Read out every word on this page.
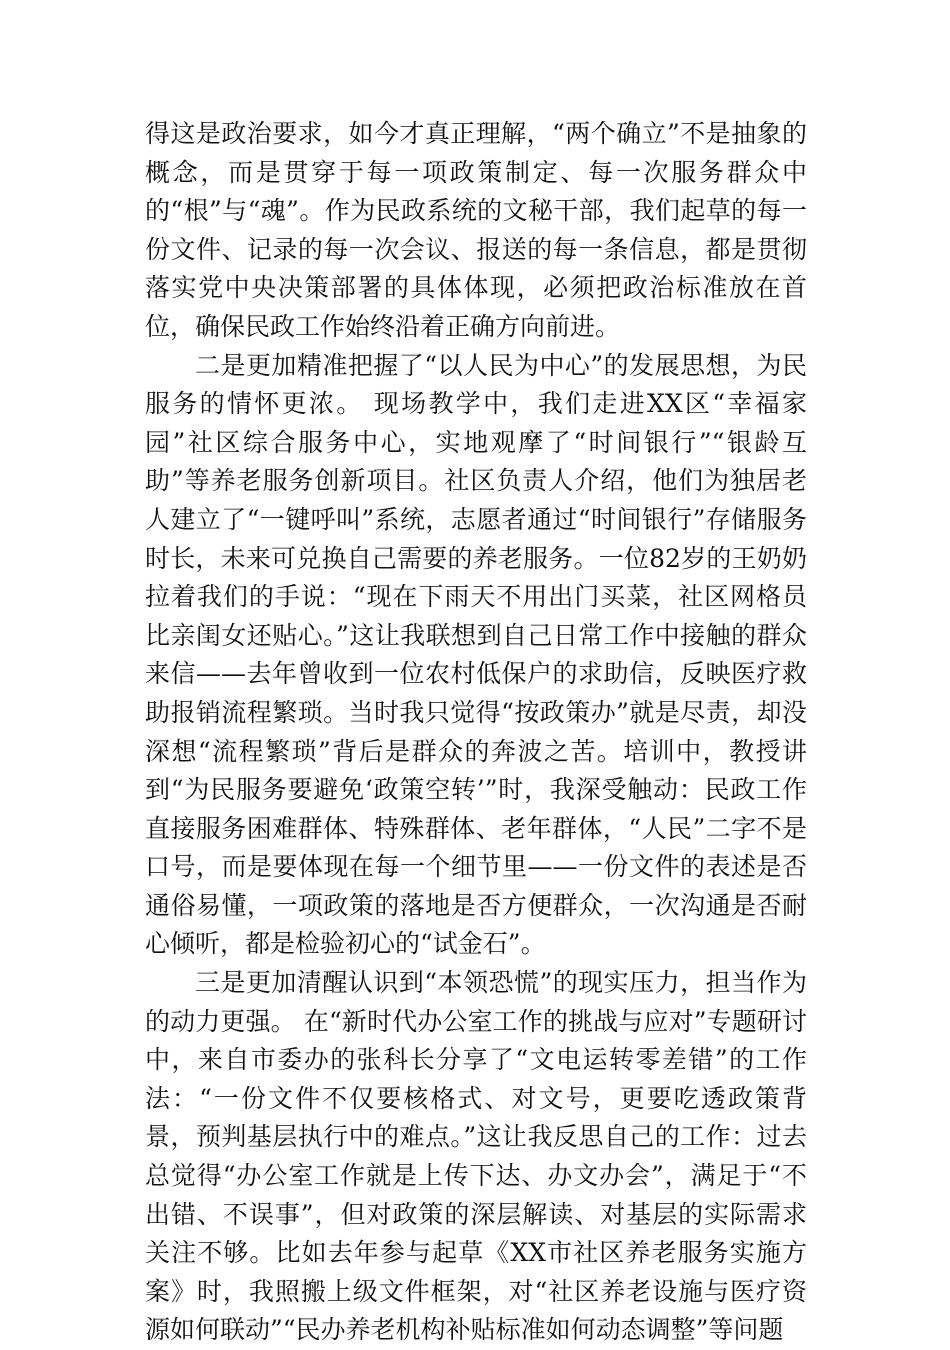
得这是政治要求，如今才真正理解，“两个确立”不是抽象的概念，而是贯穿于每一项政策制定、每一次服务群众中的“根”与“魂”。作为民政系统的文秘干部，我们起草的每一份文件、记录的每一次会议、报送的每一条信息，都是贯彻落实党中央决策部署的具体体现，必须把政治标准放在首位，确保民政工作始终沿着正确方向前进。

二是更加精准把握了“以人民为中心”的发展思想，为民服务的情怀更浓。 现场教学中，我们走进XX区“幸福家园”社区综合服务中心，实地观摩了“时间银行”“银龄互助”等养老服务创新项目。社区负责人介绍，他们为独居老人建立了“一键呼叫”系统，志愿者通过“时间银行”存储服务时长，未来可兑换自己需要的养老服务。一位82岁的王奶奶拉着我们的手说：“现在下雨天不用出门买菜，社区网格员比亲闺女还贴心。”这让我联想到自己日常工作中接触的群众来信——去年曾收到一位农村低保户的求助信，反映医疗救助报销流程繁琐。当时我只觉得“按政策办”就是尽责，却没深想“流程繁琐”背后是群众的奔波之苦。培训中，教授讲到“为民服务要避免‘政策空转’”时，我深受触动：民政工作直接服务困难群体、特殊群体、老年群体，“人民”二字不是口号，而是要体现在每一个细节里——一份文件的表述是否通俗易懂，一项政策的落地是否方便群众，一次沟通是否耐心倾听，都是检验初心的“试金石”。

三是更加清醒认识到“本领恐慌”的现实压力，担当作为的动力更强。 在“新时代办公室工作的挑战与应对”专题研讨中，来自市委办的张科长分享了“文电运转零差错”的工作法：“一份文件不仅要核格式、对文号，更要吃透政策背景，预判基层执行中的难点。”这让我反思自己的工作：过去总觉得“办公室工作就是上传下达、办文办会”，满足于“不出错、不误事”，但对政策的深层解读、对基层的实际需求关注不够。比如去年参与起草《XX市社区养老服务实施方案》时，我照搬上级文件框架，对“社区养老设施与医疗资源如何联动”“民办养老机构补贴标准如何动态调整”等问题
